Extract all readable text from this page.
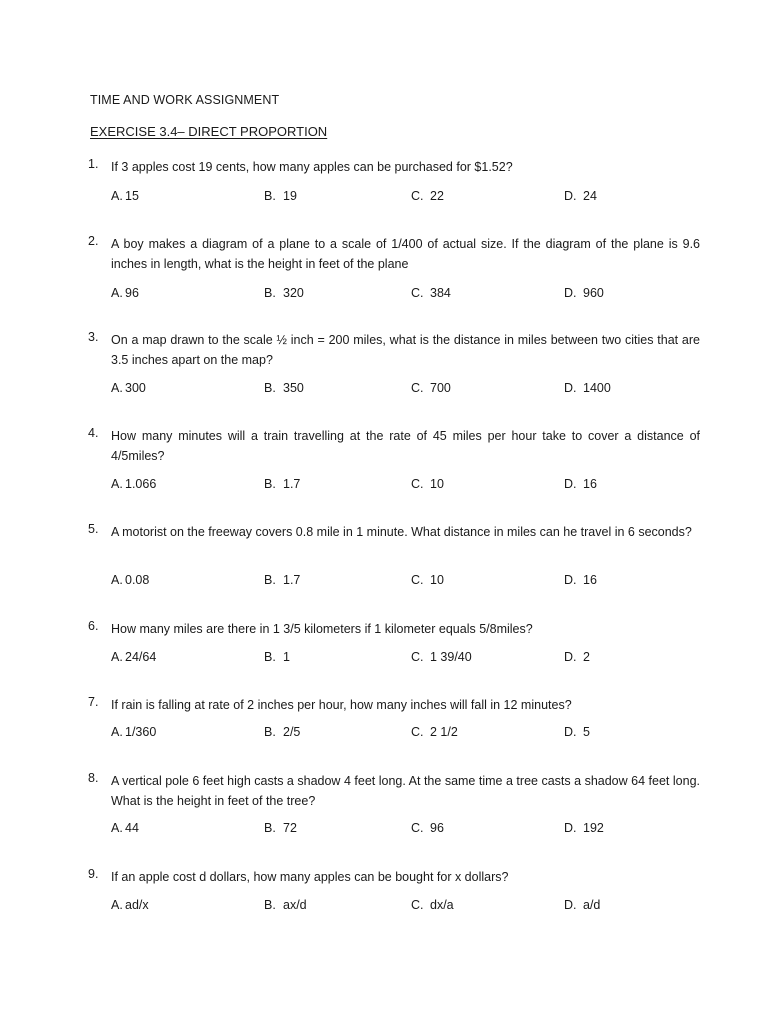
TIME AND WORK ASSIGNMENT
EXERCISE 3.4– DIRECT PROPORTION
1. If 3 apples cost 19 cents, how many apples can be purchased for $1.52?
A. 15	B. 19	C. 22	D. 24
2. A boy makes a diagram of a plane to a scale of 1/400 of actual size. If the diagram of the plane is 9.6 inches in length, what is the height in feet of the plane
A. 96	B. 320	C. 384	D. 960
3. On a map drawn to the scale ½ inch = 200 miles, what is the distance in miles between two cities that are 3.5 inches apart on the map?
A. 300	B. 350	C. 700	D. 1400
4. How many minutes will a train travelling at the rate of 45 miles per hour take to cover a distance of 4/5miles?
A. 1.066	B. 1.7	C. 10	D. 16
5. A motorist on the freeway covers 0.8 mile in 1 minute. What distance in miles can he travel in 6 seconds?
A. 0.08	B. 1.7	C. 10	D. 16
6. How many miles are there in 1 3/5 kilometers if 1 kilometer equals 5/8miles?
A. 24/64	B. 1	C. 1 39/40	D. 2
7. If rain is falling at rate of 2 inches per hour, how many inches will fall in 12 minutes?
A. 1/360	B. 2/5	C. 2 1/2	D. 5
8. A vertical pole 6 feet high casts a shadow 4 feet long. At the same time a tree casts a shadow 64 feet long. What is the height in feet of the tree?
A. 44	B. 72	C. 96	D. 192
9. If an apple cost d dollars, how many apples can be bought for x dollars?
A. ad/x	B. ax/d	C. dx/a	D. a/d
